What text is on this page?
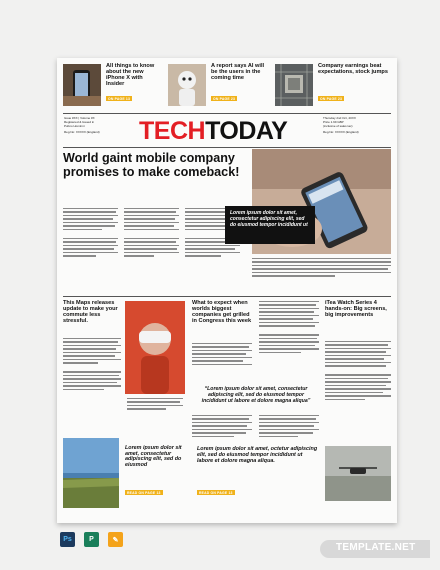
All things to know about the new iPhone X with Insider
ON PAGE 13
A report says AI will be the users in the coming time
ON PAGE 23
Company earnings beat expectations, stock jumps
ON PAGE 23
Issue #XX | Volume #X
Registered & Issued in
Pubno Hominni
Reg.No: XXXXX (England)	TECHTODAY	Thursday 2nd Oct, 20XX
Price 1.99 GBP
(inclusive of sales tax)
Reg.No: XXXXX (England)
World gaint mobile company promises to make comeback!
Lorem ipsum dolor sit amet, consectetur adipiscing elit, sed do eiusmod tempor incididunt ut
This Maps releases update to make your commute less stressful.
What to expect when worlds biggest companies get grilled in Congress this week
“Lorem ipsum dolor sit amet, consectetur adipiscing elit, sed do eiusmod tempor incididunt ut labore et dolore magna aliqua”
iTea Watch Series 4 hands-on: Big screens, big improvements
Lorem ipsum dolor sit amet, consectetur adipiscing elit, sed do eiusmod
READ ON PAGE 13
Lorem ipsum dolor sit amet, octetur adipiscing elit, sed do eiusmod tempor incididunt ut labore et dolore magna aliqua.
READ ON PAGE 13
Ps P	✎
TEMPLATE.NET
